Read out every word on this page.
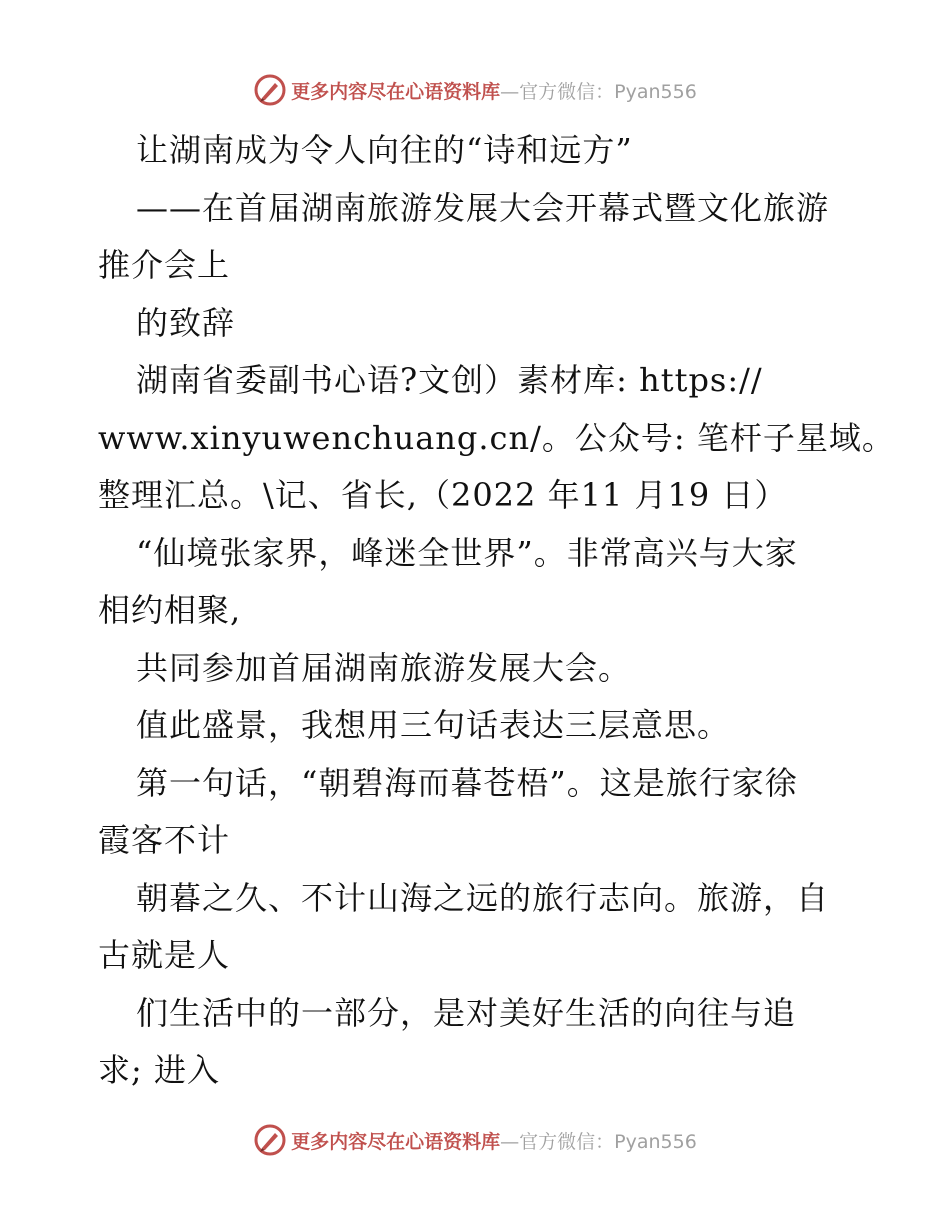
更多内容尽在心语资料库—官方微信：Pyan556

让湖南成为令人向往的“诗和远方”

——在首届湖南旅游发展大会开幕式暨文化旅游

推介会上

的致辞

湖南省委副书心语?文创）素材库: https://

www.xinyuwenchuang.cn/。公众号: 笔杆子星域。

整理汇总。\记、省长,（2022 年11 月19 日）

“仙境张家界，峰迷全世界”。非常高兴与大家

相约相聚,

共同参加首届湖南旅游发展大会。

值此盛景，我想用三句话表达三层意思。

第一句话，“朝碧海而暮苍梧”。这是旅行家徐

霞客不计

朝暮之久、不计山海之远的旅行志向。旅游，自

古就是人

们生活中的一部分，是对美好生活的向往与追

求; 进入

更多内容尽在心语资料库—官方微信：Pyan556
